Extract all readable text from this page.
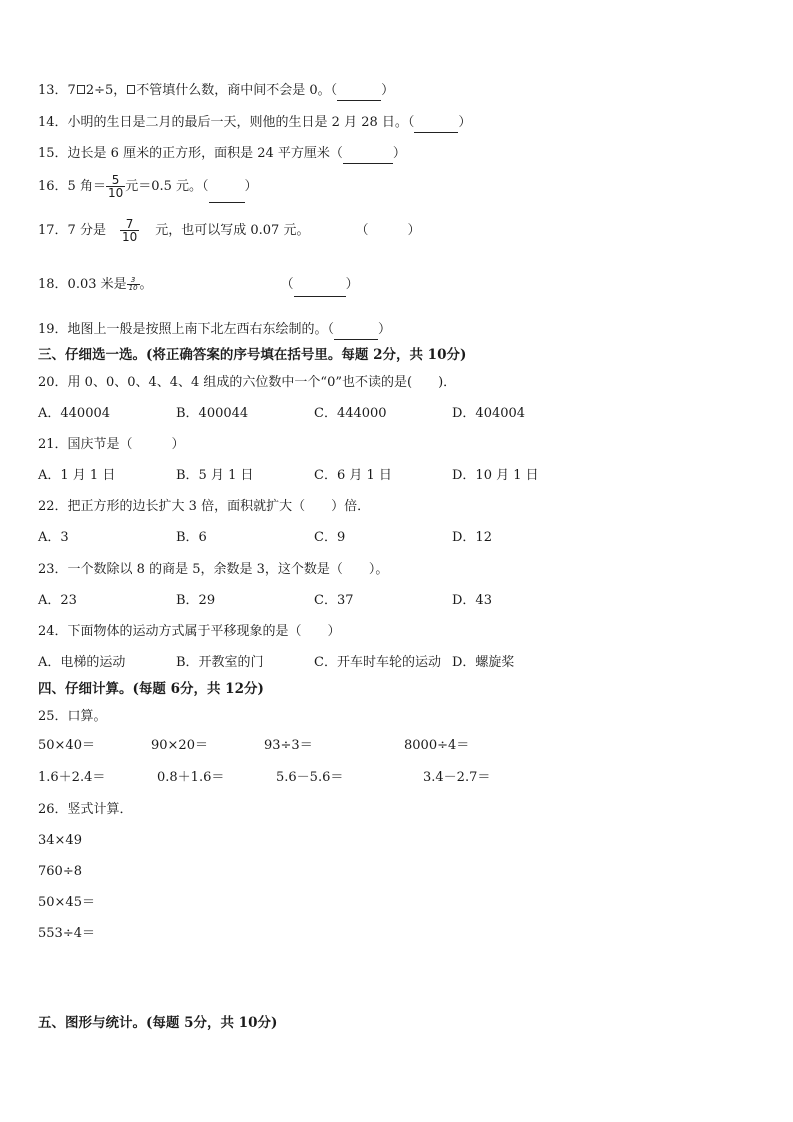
13．7 2÷5， 不管填什么数，商中间不会是 0。（	）
14．小明的生日是二月的最后一天，则他的生日是 2 月 28 日。（	）
15．边长是 6 厘米的正方形，面积是 24 平方厘米（	）
16．5 角＝ $\frac{5}{10}$ 元＝0.5 元。（	）
17．7 分是 $\frac{7}{10}$ 元，也可以写成 0.07 元。	（　　　）
18．0.03 米是 $\frac{3}{10}$ 。	（	）
19．地图上一般是按照上南下北左西右东绘制的。（	）
三、仔细选一选。(将正确答案的序号填在括号里。每题 2分，共 10分)
20．用 0、0、0、4、4、4 组成的六位数中一个“0”也不读的是(　　)．
A．440004	B．400044	C．444000	D．404004
21．国庆节是（　　　）
A．1 月 1 日	B．5 月 1 日	C．6 月 1 日	D．10 月 1 日
22．把正方形的边长扩大 3 倍，面积就扩大（　　）倍．
A．3	B．6	C．9	D．12
23．一个数除以 8 的商是 5，余数是 3，这个数是（　　）。
A．23	B．29	C．37	D．43
24．下面物体的运动方式属于平移现象的是（　　）
A．电梯的运动	B．开教室的门	C．开车时车轮的运动 D．螺旋桨
四、仔细计算。(每题 6分，共 12分)
25．口算。
50×40＝	90×20＝	93÷3＝	8000÷4＝
1.6＋2.4＝	0.8＋1.6＝	5.6－5.6＝	3.4－2.7＝
26．竖式计算．
34×49
760÷8
50×45＝
553÷4＝
五、图形与统计。(每题 5分，共 10分)
